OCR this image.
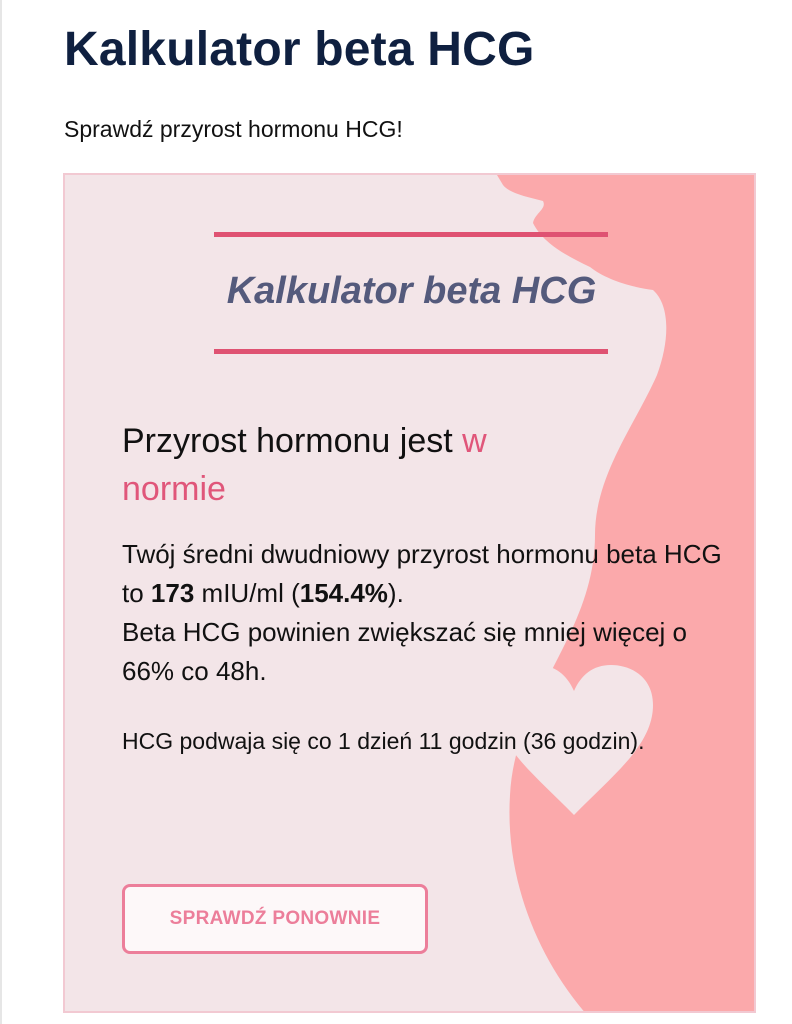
Kalkulator beta HCG

Sprawdź przyrost hormonu HCG!

Kalkulator beta HCG
Przyrost hormonu jest w normie

Twój średni dwudniowy przyrost hormonu beta HCG to 173 mIU/ml (154.4%).
Beta HCG powinien zwiększać się mniej więcej o 66% co 48h.

HCG podwaja się co 1 dzień 11 godzin (36 godzin).

SPRAWDŹ PONOWNIE
